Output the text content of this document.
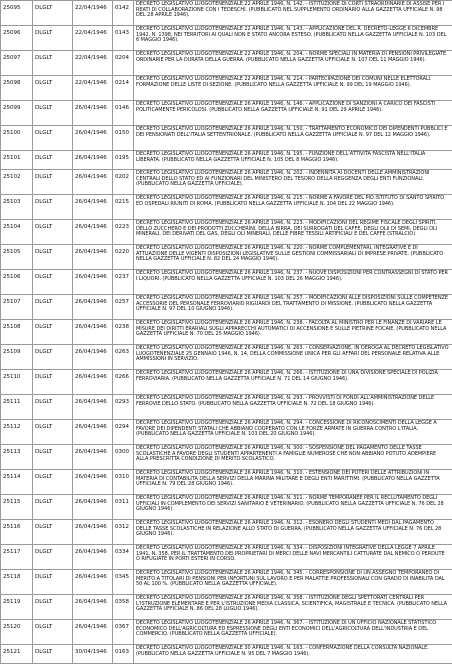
25095	DLGLT	22/04/1946	0142	DECRETO LEGISLATIVO LUOGOTENENZIALE 22 APRILE 1946, N. 142. - ISTITUZIONE DI CORTI STRAORDINARIE DI ASSISE PER I REATI DI COLLABORAZIONE CON I TEDESCHI. (PUBBLICATO NEL SUPPLEMENTO ORDINARIO ALLA GAZZETTA UFFICIALE N. 98 DEL 28 APRILE 1946).
25096	DLGLT	22/04/1946	0143	DECRETO LEGISLATIVO LUOGOTENENZIALE 22 APRILE 1946, N. 143. - APPLICAZIONE DEL R. DECRETO-LEGGE 6 DICEMBRE 1942, N. 1398, NEI TERRITORI AI QUALI NON E STATO ANCORA ESTESO. (PUBBLICATO NELLA GAZZETTA UFFICIALE N. 103 DEL 6 MAGGIO 1946).
25097	DLGLT	22/04/1946	0204	DECRETO LEGISLATIVO LUOGOTENENZIALE 22 APRILE 1946, N. 204. - NORME SPECIALI IN MATERIA DI PENSIONI PRIVILEGIATE ORDINARIE PER LA DURATA DELLA GUERRA. (PUBBLICATO NELLA GAZZETTA UFFICIALE N. 107 DEL 11 MAGGIO 1946).
25098	DLGLT	22/04/1946	0214	DECRETO LEGISLATIVO LUOGOTENENZIALE 22 APRILE 1946, N. 214. - PARTECIPAZIONE DEI COMUNI NELLE ELETTORALI. FORMAZIONE DELLE LISTE DI SEZIONE. (PUBBLICATO NELLA GAZZETTA UFFICIALE N. 99 DEL 19 MAGGIO 1946).
25099	DLGLT	26/04/1946	0146	DECRETO LEGISLATIVO LUOGOTENENZIALE 26 APRILE 1946, N. 146. - APPLICAZIONE DI SANZIONI A CARICO DEI FASCISTI POLITICAMENTE PERICOLOSI. (PUBBLICATO NELLA GAZZETTA UFFICIALE N. 91 DEL 29 APRILE 1946).
25100	DLGLT	26/04/1946	0150	DECRETO LEGISLATIVO LUOGOTENENZIALE 26 APRILE 1946, N. 150. - TRATTAMENTO ECONOMICO DEI DIPENDENTI PUBBLICI E DEI PENSIONATI DELL'ITALIA SETTENTRIONALE. (PUBBLICATO NELLA GAZZETTA UFFICIALE N. 97 DEL 12 MAGGIO 1946).
25101	DLGLT	26/04/1946	0195	DECRETO LEGISLATIVO LUOGOTENENZIALE 26 APRILE 1946, N. 195. - FUNZIONE DELL'ATTIVITA FASCISTA NELL'ITALIA LIBERATA. (PUBBLICATO NELLA GAZZETTA UFFICIALE N. 105 DEL 8 MAGGIO 1946).
25102	DLGLT	26/04/1946	0202	DECRETO LEGISLATIVO LUOGOTENENZIALE 26 APRILE 1946, N. 202. - INDENNITA AI DOCENTI DELLE AMMINISTRAZIONI CENTRALI DELLO STATO ED AI FUNZIONARI DEL MINISTERO DEL TESORO DELLA REGGENZA DEGLI ENTI FUNZIONALI. (PUBBLICATO NELLA GAZZETTA UFFICIALE).
25103	DLGLT	26/04/1946	0215	DECRETO LEGISLATIVO LUOGOTENENZIALE 26 APRILE 1946, N. 215. - NORME A FAVORE DEL PIO ISTITUTO DI SANTO SPIRITO ED OSPEDALI RIUNITI DI ROMA. (PUBBLICATO NELLA GAZZETTA UFFICIALE N. 104 DEL 22 MAGGIO 1946).
25104	DLGLT	26/04/1946	0223	DECRETO LEGISLATIVO LUOGOTENENZIALE 26 APRILE 1946, N. 223. - MODIFICAZIONI DEL REGIME FISCALE DEGLI SPIRITI, DELLO ZUCCHERO E DEI PRODOTTI ZUCCHERINI, DELLA BIRRA, DEI SURROGATI DEL CAFFE, DEGLI OLII DI SEMI, DEGLI OLI MINERALI, DEI DERIVATI DEL GAS, DEGLI OLI MINERALI, DELLE FIBRE TESSILI ARTIFICIALI E DEL CAFFE (STRALCIO).
25105	DLGLT	26/04/1946	0220	DECRETO LEGISLATIVO LUOGOTENENZIALE 26 APRILE 1946, N. 220. - NORME COMPLEMENTARI, INTEGRATIVE E DI ATTUAZIONE DELLE VIGENTI DISPOSIZIONI LEGISLATIVE SULLE GESTIONI COMMISSARIALI DI IMPRESE PRIVATE. (PUBBLICATO NELLA GAZZETTA UFFICIALE N. 82 DEL 24 MAGGIO 1946).
25106	DLGLT	26/04/1946	0237	DECRETO LEGISLATIVO LUOGOTENENZIALE 26 APRILE 1946, N. 237. - NUOVE DISPOSIZIONI PER CONTRASSEGNI DI STATO PER I LIQUORI. (PUBBLICATO NELLA GAZZETTA UFFICIALE N. 103 DEL 26 MAGGIO 1946).
25107	DLGLT	26/04/1946	0257	DECRETO LEGISLATIVO LUOGOTENENZIALE 26 APRILE 1946, N. 257. - MODIFICAZIONI ALLE DISPOSIZIONI SULLE COMPETENZE ACCESSORIE DEL PERSONALE FERROVIARIO RIGUARDI DEL TRATTAMENTO DI MISSIONE. (PUBBLICATO NELLA GAZZETTA UFFICIALE N. 97 DEL 10 GIUGNO 1946).
25108	DLGLT	26/04/1946	0238	DECRETO LEGISLATIVO LUOGOTENENZIALE 26 APRILE 1946, N. 238. - FACOLTA AL MINISTRO PER LE FINANZE DI VARIARE LE MISURE DEI DIRITTI ERARIALI SUGLI APPARECCHI AUTOMATICI DI ACCENSIONE E SULLE PIETRINE FOCAIE. (PUBBLICATO NELLA GAZZETTA UFFICIALE N. 70 DEL 25 MAGGIO 1946).
25109	DLGLT	26/04/1946	0263	DECRETO LEGISLATIVO LUOGOTENENZIALE 26 APRILE 1946, N. 263. - CONSERVAZIONE, IN DEROGA AL DECRETO LEGISLATIVO LUOGOTENENZIALE 25 GENNAIO 1946, N. 14, DELLA COMMISSIONE UNICA PER GLI AFFARI DEL PERSONALE RELATIVA ALLE AMMISSIONI IN SERVIZIO.
25110	DLGLT	26/04/1946	0266	DECRETO LEGISLATIVO LUOGOTENENZIALE 26 APRILE 1946, N. 266. - ISTITUZIONE DI UNA DIVISIONE SPECIALE DI POLIZIA FERROVIARIA. (PUBBLICATO NELLA GAZZETTA UFFICIALE N. 71 DEL 14 GIUGNO 1946).
25111	DLGLT	26/04/1946	0293	DECRETO LEGISLATIVO LUOGOTENENZIALE 26 APRILE 1946, N. 293. - PROVVISTI DI FONDI ALL'AMMINISTRAZIONE DELLE FERROVIE DELLO STATO. (PUBBLICATO NELLA GAZZETTA UFFICIALE N. 72 DEL 18 GIUGNO 1946).
25112	DLGLT	26/04/1946	0294	DECRETO LEGISLATIVO LUOGOTENENZIALE 26 APRILE 1946, N. 294. - CONCESSIONE DI RICONOSCIMENTI DELLA LEGGE A FAVORE DEI DIPENDENTI STATALI CHE ABBIANO COOPERATO CON LE FORZE ARMATE IN GUERRA CONTRO L'ITALIA. (PUBBLICATO NELLA GAZZETTA UFFICIALE N. 103 DEL 20 GIUGNO 1946).
25113	DLGLT	26/04/1946	0300	DECRETO LEGISLATIVO LUOGOTENENZIALE 26 APRILE 1946, N. 300. - SOSPENSIONE DEL PAGAMENTO DELLE TASSE SCOLASTICHE A FAVORE DEGLI STUDENTI APPARTENENTI A FAMIGLIE NUMEROSE CHE NON ABBIANO POTUTO ADEMPIERE ALLA PRESCRITTA CONDIZIONE DI MERITO SCOLASTICO.
25114	DLGLT	26/04/1946	0310	DECRETO LEGISLATIVO LUOGOTENENZIALE 26 APRILE 1946, N. 310. - ESTENSIONE DEI POTERI DELLE ATTRIBUZIONI IN MATERIA DI CONTABILITA DELLA SERVIZI DELLA MARINA MILITARE E DEGLI ENTI MARITTIMI. (PUBBLICATO NELLA GAZZETTA UFFICIALE N. 79 DEL 28 GIUGNO 1946).
25115	DLGLT	26/04/1946	0311	DECRETO LEGISLATIVO LUOGOTENENZIALE 26 APRILE 1946, N. 311. - NORME TEMPORANEE PER IL RECLUTAMENTO DEGLI UFFICIALI IN COMPLEMENTO DEI SERVIZI SANITARIO E VETERINARIO. (PUBBLICATO NELLA GAZZETTA UFFICIALE N. 76 DEL 28 GIUGNO 1946).
25116	DLGLT	26/04/1946	0312	DECRETO LEGISLATIVO LUOGOTENENZIALE 26 APRILE 1946, N. 312. - ESONERO DEGLI STUDENTI MEDI DAL PAGAMENTO DELLE TASSE SCOLASTICHE IN RELAZIONE ALLO STATO DI GUERRA. (PUBBLICATO NELLA GAZZETTA UFFICIALE N. 76 DEL 28 GIUGNO 1946).
25117	DLGLT	26/04/1946	0334	DECRETO LEGISLATIVO LUOGOTENENZIALE 26 APRILE 1946, N. 334. - DISPOSIZIONI INTEGRATIVE DELLA LEGGE 7 APRILE 1941, N. 358, PER IL TRATTAMENTO DEI PROPRIETARI DI MERCI DELLE NAVI MERCANTILI CATTURATE DAL NEMICO O PERDUTE O RIFUGIATE IN PORTI ESTERI IN CORSO.
25118	DLGLT	26/04/1946	0345	DECRETO LEGISLATIVO LUOGOTENENZIALE 26 APRILE 1946, N. 345. - CORRESPONSIONE DI UN ASSEGNO TEMPORANEO DI MERITO A TITOLARI DI PENSIONI PER INFORTUNI SUL LAVORO E PER MALATTIE PROFESSIONALI CON GRADO DI INABILITA DAL 50 AL 100 %. (PUBBLICATO NELLA GAZZETTA UFFICIALE).
25119	DLGLT	26/04/1946	0358	DECRETO LEGISLATIVO LUOGOTENENZIALE 26 APRILE 1946, N. 358. - ISTITUZIONE DEGLI SPETTORATI CENTRALI PER L'ISTRUZIONE ELEMENTARE E PER L'ISTRUZIONE MEDIA CLASSICA, SCIENTIFICA, MAGISTRALE E TECNICA. (PUBBLICATO NELLA GAZZETTA UFFICIALE N. 86 DEL 28 LUGLIO 1946).
25120	DLGLT	26/04/1946	0367	DECRETO LEGISLATIVO LUOGOTENENZIALE 26 APRILE 1946, N. 367. - ISTITUZIONE DI UN UFFICIO NAZIONALE STATISTICO ECONOMICO DELL'AGRICOLTURA ED ESPRESSIONE DEGLI ENTI ECONOMICI DELL'AGRICOLTURA DELL'INDUSTRIA E DEL COMMERCIO. (PUBBLICATO NELLA GAZZETTA UFFICIALE).
25121	DLGLT	30/04/1946	0163	DECRETO LEGISLATIVO LUOGOTENENZIALE 30 APRILE 1946, N. 163. - CONFERMAZIONE DELLA CONSULTA NAZIONALE. (PUBBLICATO NELLA GAZZETTA UFFICIALE N. 95 DEL 7 MAGGIO 1946).
